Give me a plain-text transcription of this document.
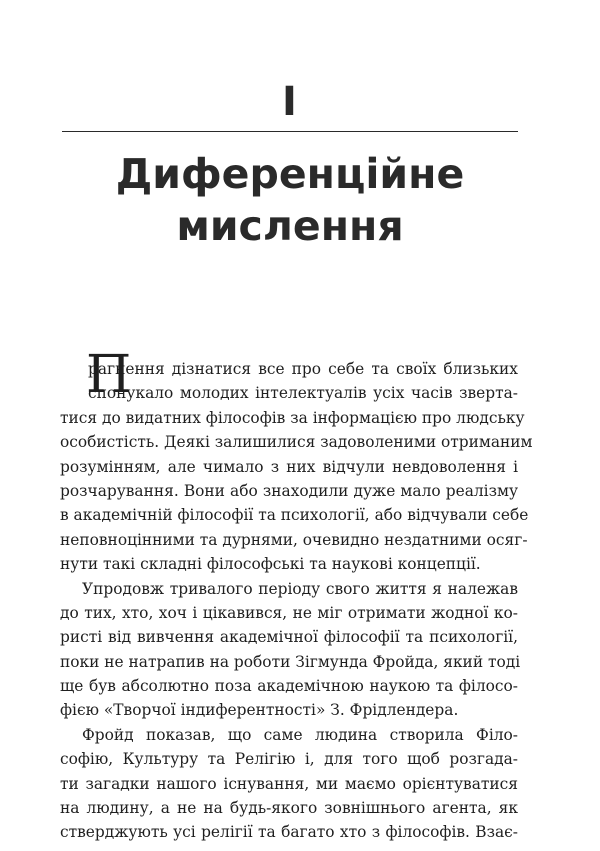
I
Диференційне
мислення
П
рагнення дізнатися все про себе та своїх близьких
спонукало молодих інтелектуалів усіх часів зверта-
тися до видатних філософів за інформацією про людську
особистість. Деякі залишилися задоволеними отриманим
розумінням, але чимало з них відчули невдоволення і
розчарування. Вони або знаходили дуже мало реалізму
в академічній філософії та психології, або відчували себе
неповноцінними та дурнями, очевидно нездатними осяг-
нути такі складні філософські та наукові концепції.
Упродовж тривалого періоду свого життя я належав
до тих, хто, хоч і цікавився, не міг отримати жодної ко-
ристі від вивчення академічної філософії та психології,
поки не натрапив на роботи Зігмунда Фройда, який тоді
ще був абсолютно поза академічною наукою та філосо-
фією «Творчої індиферентності» З. Фрідлендера.
Фройд показав, що саме людина створила Філо-
софію, Культуру та Релігію і, для того щоб розгада-
ти загадки нашого існування, ми маємо орієнтуватися
на людину, а не на будь-якого зовнішнього агента, як
стверджують усі релігії та багато хто з філософів. Взає-
